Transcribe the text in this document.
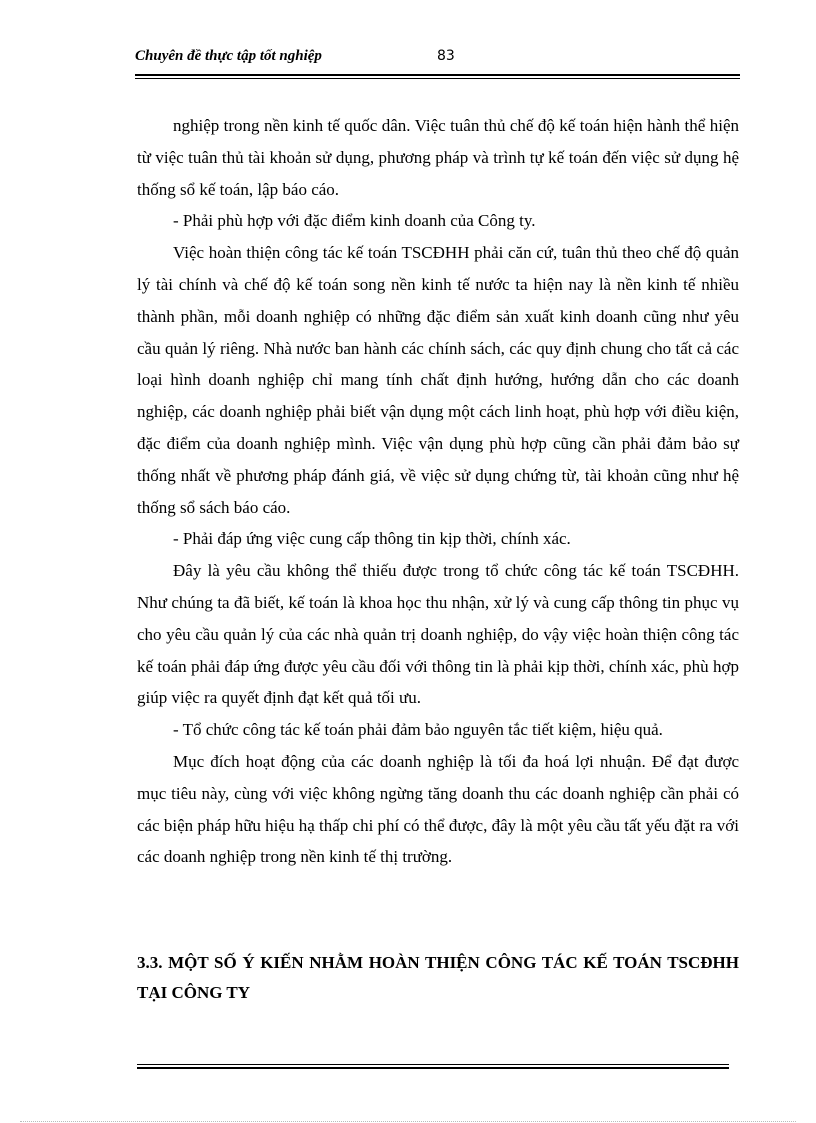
Chuyên đề thực tập tốt nghiệp	83

nghiệp trong nền kinh tế quốc dân. Việc tuân thủ chế độ kế toán hiện hành thể hiện từ việc tuân thủ tài khoản sử dụng, phương pháp và trình tự kế toán đến việc sử dụng hệ thống sổ kế toán, lập báo cáo.

- Phải phù hợp với đặc điểm kinh doanh của Công ty.

Việc hoàn thiện công tác kế toán TSCĐHH phải căn cứ, tuân thủ theo chế độ quản lý tài chính và chế độ kế toán song nền kinh tế nước ta hiện nay là nền kinh tế nhiều thành phần, mỗi doanh nghiệp có những đặc điểm sản xuất kinh doanh cũng như yêu cầu quản lý riêng. Nhà nước ban hành các chính sách, các quy định chung cho tất cả các loại hình doanh nghiệp chỉ mang tính chất định hướng, hướng dẫn cho các doanh nghiệp, các doanh nghiệp phải biết vận dụng một cách linh hoạt, phù hợp với điều kiện, đặc điểm của doanh nghiệp mình. Việc vận dụng phù hợp cũng cần phải đảm bảo sự thống nhất về phương pháp đánh giá, về việc sử dụng chứng từ, tài khoản cũng như hệ thống sổ sách báo cáo.

- Phải đáp ứng việc cung cấp thông tin kịp thời, chính xác.

Đây là yêu cầu không thể thiếu được trong tổ chức công tác kế toán TSCĐHH. Như chúng ta đã biết, kế toán là khoa học thu nhận, xử lý và cung cấp thông tin phục vụ cho yêu cầu quản lý của các nhà quản trị doanh nghiệp, do vậy việc hoàn thiện công tác kế toán phải đáp ứng được yêu cầu đối với thông tin là phải kịp thời, chính xác, phù hợp giúp việc ra quyết định đạt kết quả tối ưu.

- Tổ chức công tác kế toán phải đảm bảo nguyên tắc tiết kiệm, hiệu quả.

Mục đích hoạt động của các doanh nghiệp là tối đa hoá lợi nhuận. Để đạt được mục tiêu này, cùng với việc không ngừng tăng doanh thu các doanh nghiệp cần phải có các biện pháp hữu hiệu hạ thấp chi phí có thể được, đây là một yêu cầu tất yếu đặt ra với các doanh nghiệp trong nền kinh tế thị trường.

3.3. MỘT SỐ Ý KIẾN NHẰM HOÀN THIỆN CÔNG TÁC KẾ TOÁN TSCĐHH TẠI CÔNG TY
